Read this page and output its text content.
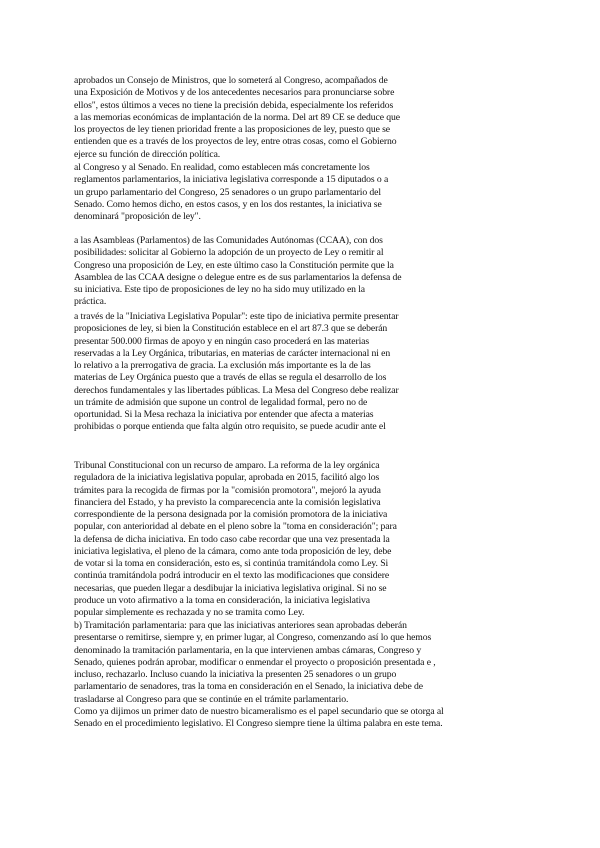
aprobados un Consejo de Ministros, que lo someterá al Congreso, acompañados de
una Exposición de Motivos y de los antecedentes necesarios para pronunciarse sobre
ellos", estos últimos a veces no tiene la precisión debida, especialmente los referidos
a las memorias económicas de implantación de la norma. Del art 89 CE se deduce que
los proyectos de ley tienen prioridad frente a las proposiciones de ley, puesto que se
entienden que es a través de los proyectos de ley, entre otras cosas, como el Gobierno
ejerce su función de dirección política.
al Congreso y al Senado. En realidad, como establecen más concretamente los
reglamentos parlamentarios, la iniciativa legislativa corresponde a 15 diputados o a
un grupo parlamentario del Congreso, 25 senadores o un grupo parlamentario del
Senado. Como hemos dicho, en estos casos, y en los dos restantes, la iniciativa se
denominará "proposición de ley".
a las Asambleas (Parlamentos) de las Comunidades Autónomas (CCAA), con dos
posibilidades: solicitar al Gobierno la adopción de un proyecto de Ley o remitir al
Congreso una proposición de Ley, en este último caso la Constitución permite que la
Asamblea de las CCAA designe o delegue entre es de sus parlamentarios la defensa de
su iniciativa. Este tipo de proposiciones de ley no ha sido muy utilizado en la
práctica.
a través de la "Iniciativa Legislativa Popular": este tipo de iniciativa permite presentar
proposiciones de ley, si bien la Constitución establece en el art 87.3 que se deberán
presentar 500.000 firmas de apoyo y en ningún caso procederá en las materias
reservadas a la Ley Orgánica, tributarias, en materias de carácter internacional ni en
lo relativo a la prerrogativa de gracia. La exclusión más importante es la de las
materias de Ley Orgánica puesto que a través de ellas se regula el desarrollo de los
derechos fundamentales y las libertades públicas. La Mesa del Congreso debe realizar
un trámite de admisión que supone un control de legalidad formal, pero no de
oportunidad. Si la Mesa rechaza la iniciativa por entender que afecta a materias
prohibidas o porque entienda que falta algún otro requisito, se puede acudir ante el
Tribunal Constitucional con un recurso de amparo. La reforma de la ley orgánica
reguladora de la iniciativa legislativa popular, aprobada en 2015, facilitó algo los
trámites para la recogida de firmas por la "comisión promotora", mejoró la ayuda
financiera del Estado, y ha previsto la comparecencia ante la comisión legislativa
correspondiente de la persona designada por la comisión promotora de la iniciativa
popular, con anterioridad al debate en el pleno sobre la "toma en consideración"; para
la defensa de dicha iniciativa. En todo caso cabe recordar que una vez presentada la
iniciativa legislativa, el pleno de la cámara, como ante toda proposición de ley, debe
de votar si la toma en consideración, esto es, si continúa tramitándola como Ley. Si
continúa tramitándola podrá introducir en el texto las modificaciones que considere
necesarias, que pueden llegar a desdibujar la iniciativa legislativa original. Si no se
produce un voto afirmativo a la toma en consideración, la iniciativa legislativa
popular simplemente es rechazada y no se tramita como Ley.
b) Tramitación parlamentaria: para que las iniciativas anteriores sean aprobadas deberán
presentarse o remitirse, siempre y, en primer lugar, al Congreso, comenzando así lo que hemos
denominado la tramitación parlamentaria, en la que intervienen ambas cámaras, Congreso y
Senado, quienes podrán aprobar, modificar o enmendar el proyecto o proposición presentada e ,
incluso, rechazarlo. Incluso cuando la iniciativa la presenten 25 senadores o un grupo
parlamentario de senadores, tras la toma en consideración en el Senado, la iniciativa debe de
trasladarse al Congreso para que se continúe en el trámite parlamentario.
Como ya dijimos un primer dato de nuestro bicameralismo es el papel secundario que se otorga al
Senado en el procedimiento legislativo. El Congreso siempre tiene la última palabra en este tema.
